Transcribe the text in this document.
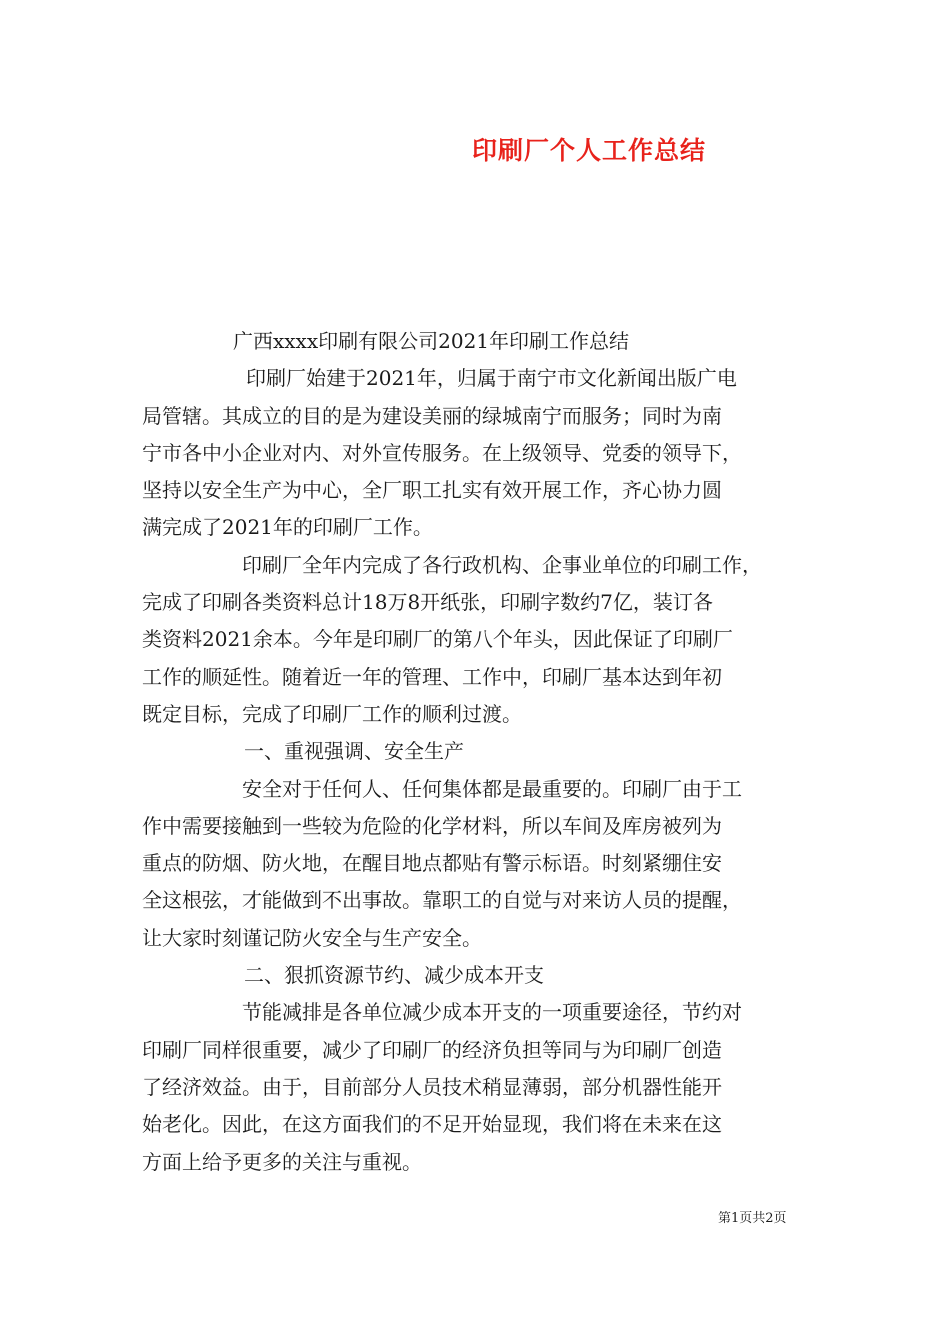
印刷厂个人工作总结
广西xxxx印刷有限公司2021年印刷工作总结
印刷厂始建于2021年，归属于南宁市文化新闻出版广电
局管辖。其成立的目的是为建设美丽的绿城南宁而服务；同时为南
宁市各中小企业对内、对外宣传服务。在上级领导、党委的领导下，
坚持以安全生产为中心，全厂职工扎实有效开展工作，齐心协力圆
满完成了2021年的印刷厂工作。
印刷厂全年内完成了各行政机构、企事业单位的印刷工作，
完成了印刷各类资料总计18万8开纸张，印刷字数约7亿，装订各
类资料2021余本。今年是印刷厂的第八个年头，因此保证了印刷厂
工作的顺延性。随着近一年的管理、工作中，印刷厂基本达到年初
既定目标，完成了印刷厂工作的顺利过渡。
一、重视强调、安全生产
安全对于任何人、任何集体都是最重要的。印刷厂由于工
作中需要接触到一些较为危险的化学材料，所以车间及库房被列为
重点的防烟、防火地，在醒目地点都贴有警示标语。时刻紧绷住安
全这根弦，才能做到不出事故。靠职工的自觉与对来访人员的提醒，
让大家时刻谨记防火安全与生产安全。
二、狠抓资源节约、减少成本开支
节能减排是各单位减少成本开支的一项重要途径，节约对
印刷厂同样很重要，减少了印刷厂的经济负担等同与为印刷厂创造
了经济效益。由于，目前部分人员技术稍显薄弱，部分机器性能开
始老化。因此，在这方面我们的不足开始显现，我们将在未来在这
方面上给予更多的关注与重视。
第1页共2页
